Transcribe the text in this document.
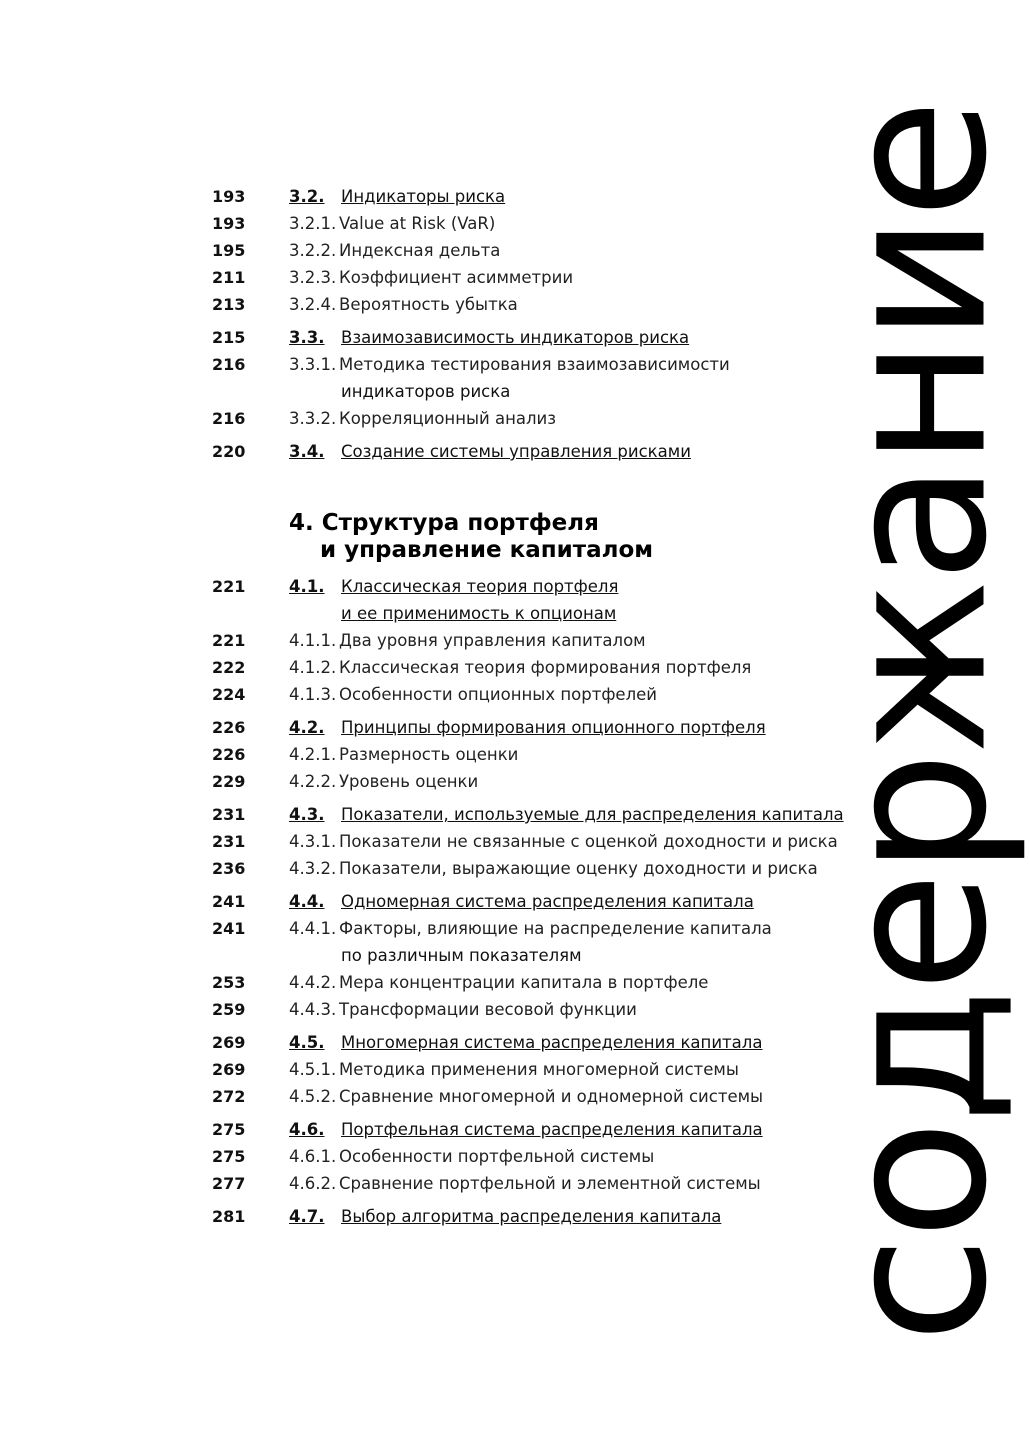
содержание
193	3.2. Индикаторы риска
193	3.2.1. Value at Risk (VaR)
195	3.2.2. Индексная дельта
211	3.2.3. Коэффициент асимметрии
213	3.2.4. Вероятность убытка
215	3.3. Взаимозависимость индикаторов риска
216	3.3.1. Методика тестирования взаимозависимости
индикаторов риска
216	3.3.2. Корреляционный анализ
220	3.4. Создание системы управления рисками
4. Структура портфеля
и управление капиталом
221	4.1. Классическая теория портфеля
и ее применимость к опционам
221	4.1.1. Два уровня управления капиталом
222	4.1.2. Классическая теория формирования портфеля
224	4.1.3. Особенности опционных портфелей
226	4.2. Принципы формирования опционного портфеля
226	4.2.1. Размерность оценки
229	4.2.2. Уровень оценки
231	4.3. Показатели, используемые для распределения капитала
231	4.3.1. Показатели не связанные с оценкой доходности и риска
236	4.3.2. Показатели, выражающие оценку доходности и риска
241	4.4. Одномерная система распределения капитала
241	4.4.1. Факторы, влияющие на распределение капитала
по различным показателям
253	4.4.2. Мера концентрации капитала в портфеле
259	4.4.3. Трансформации весовой функции
269	4.5. Многомерная система распределения капитала
269	4.5.1. Методика применения многомерной системы
272	4.5.2. Сравнение многомерной и одномерной системы
275	4.6. Портфельная система распределения капитала
275	4.6.1. Особенности портфельной системы
277	4.6.2. Сравнение портфельной и элементной системы
281	4.7. Выбор алгоритма распределения капитала
